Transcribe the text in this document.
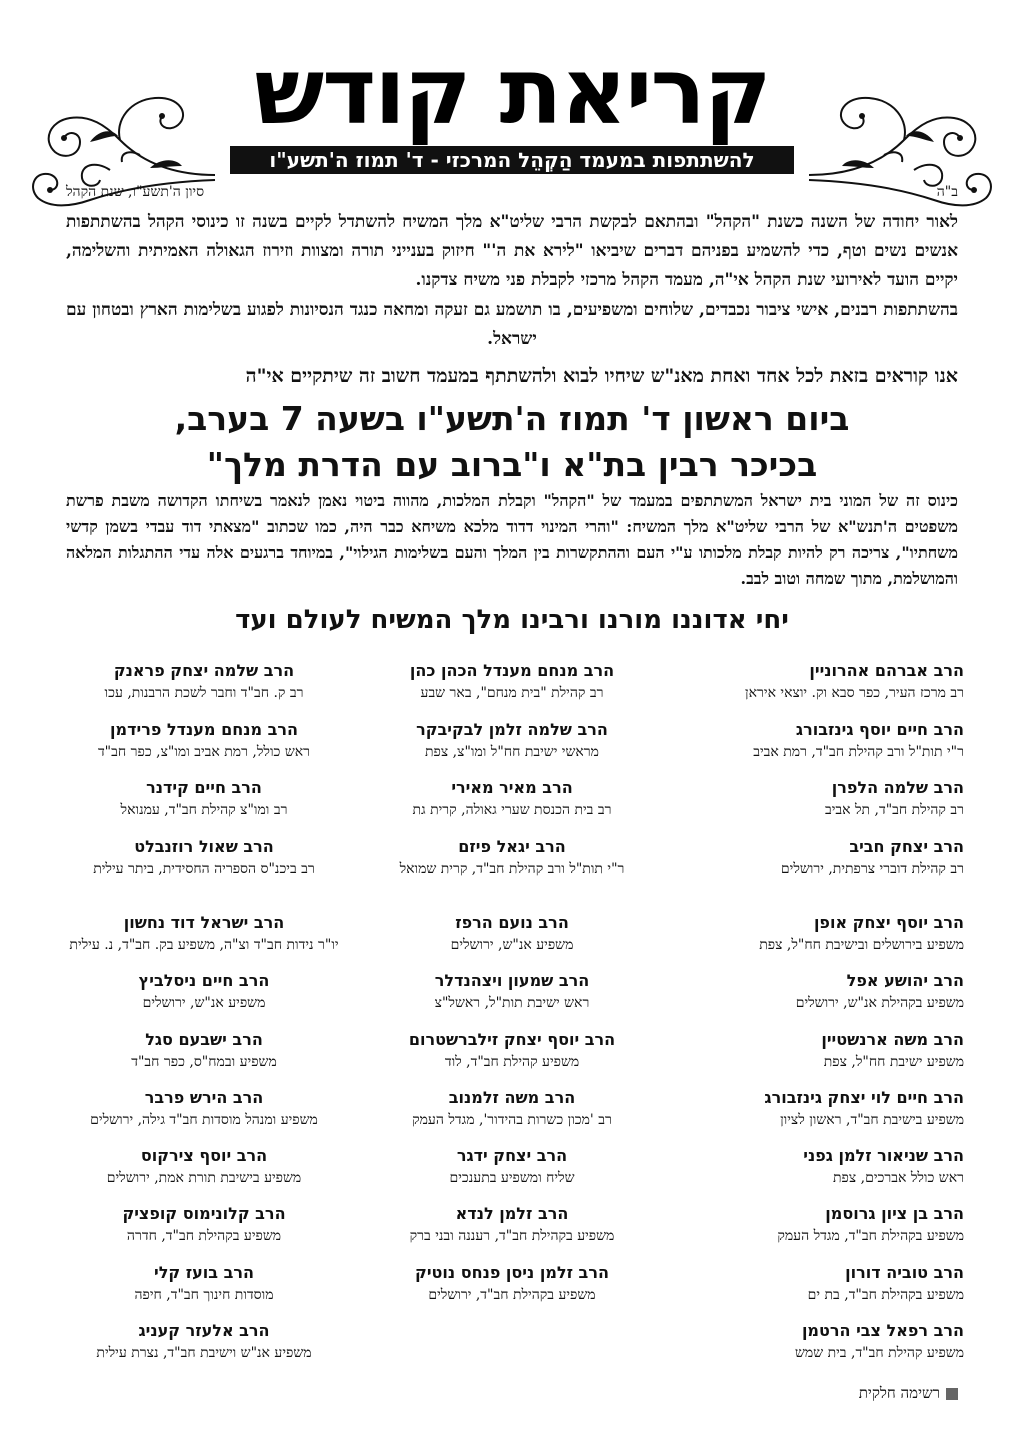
קריאת קודש
להשתתפות במעמד הַקְהֵל המרכזי - ד' תמוז ה'תשע"ו
ב"ה
סיון ה'תשע"ו, שנת הקהל
לאור יחודה של השנה כשנת "הקהל" ובהתאם לבקשת הרבי שליט"א מלך המשיח להשתדל לקיים בשנה זו כינוסי הקהל בהשתתפות אנשים נשים וטף, כדי להשמיע בפניהם דברים שיביאו "לירא את ה'" חיזוק בענייני תורה ומצוות וזירוז הגאולה האמיתית והשלימה, יקיים הועד לאירועי שנת הקהל אי"ה, מעמד הקהל מרכזי לקבלת פני משיח צדקנו.
בהשתתפות רבנים, אישי ציבור נכבדים, שלוחים ומשפיעים, בו תושמע גם זעקה ומחאה כנגד הנסיונות לפגוע בשלימות הארץ ובטחון עם ישראל.
אנו קוראים בזאת לכל אחד ואחת מאנ"ש שיחיו לבוא ולהשתתף במעמד חשוב זה שיתקיים אי"ה
ביום ראשון ד' תמוז ה'תשע"ו בשעה 7 בערב,
בכיכר רבין בת"א ו"ברוב עם הדרת מלך"
כינוס זה של המוני בית ישראל המשתתפים במעמד של "הקהל" וקבלת המלכות, מהווה ביטוי נאמן לנאמר בשיחתו הקדושה משבת פרשת משפטים ה'תנש"א של הרבי שליט"א מלך המשיח: "והרי המינוי דדוד מלכא משיחא כבר היה, כמו שכתוב "מצאתי דוד עבדי בשמן קדשי משחתיו", צריכה רק להיות קבלת מלכותו ע"י העם וההתקשרות בין המלך והעם בשלימות הגילוי", במיוחד ברגעים אלה עדי ההתגלות המלאה והמושלמת, מתוך שמחה וטוב לבב.
יחי אדוננו מורנו ורבינו מלך המשיח לעולם ועד
הרב אברהם אהרוניין
רב מרכז העיר, כפר סבא וק. יוצאי איראן
הרב מנחם מענדל הכהן כהן
רב קהילת "בית מנחם", באר שבע
הרב שלמה יצחק פראנק
רב ק. חב"ד וחבר לשכת הרבנות, עכו
הרב חיים יוסף גינזבורג
ר"י תות"ל ורב קהילת חב"ד, רמת אביב
הרב שלמה זלמן לבקיבקר
מראשי ישיבת חח"ל ומו"צ, צפת
הרב מנחם מענדל פרידמן
ראש כולל, רמת אביב ומו"צ, כפר חב"ד
הרב שלמה הלפרן
רב קהילת חב"ד, תל אביב
הרב מאיר מאירי
רב בית הכנסת שערי גאולה, קרית גת
הרב חיים קידנר
רב ומו"צ קהילת חב"ד, עמנואל
הרב יצחק חביב
רב קהילת דוברי צרפתית, ירושלים
הרב יגאל פיזם
ר"י תות"ל ורב קהילת חב"ד, קרית שמואל
הרב שאול רוזנבלט
רב ביכנ"ס הספריה החסידית, ביתר עילית
הרב יוסף יצחק אופן
משפיע בירושלים ובישיבת חח"ל, צפת
הרב נועם הרפז
משפיע אנ"ש, ירושלים
הרב ישראל דוד נחשון
יו"ר נידות חב"ד וצ"ה, משפיע בק. חב"ד, נ. עילית
הרב יהושע אפל
משפיע בקהילת אנ"ש, ירושלים
הרב שמעון ויצהנדלר
ראש ישיבת תות"ל, ראשל"צ
הרב חיים ניסלביץ
משפיע אנ"ש, ירושלים
הרב משה ארנשטיין
משפיע ישיבת חח"ל, צפת
הרב יוסף יצחק זילברשטרום
משפיע קהילת חב"ד, לוד
הרב ישבעם סגל
משפיע ובמח"ס, כפר חב"ד
הרב חיים לוי יצחק גינזבורג
משפיע בישיבת חב"ד, ראשון לציון
הרב משה זלמנוב
רב 'מכון כשרות בהידור', מגדל העמק
הרב הירש פרבר
משפיע ומנהל מוסדות חב"ד גילה, ירושלים
הרב שניאור זלמן גפני
ראש כולל אברכים, צפת
הרב יצחק ידגר
שליח ומשפיע בתענכים
הרב יוסף צירקוס
משפיע בישיבת תורת אמת, ירושלים
הרב בן ציון גרוסמן
משפיע בקהילת חב"ד, מגדל העמק
הרב זלמן לנדא
משפיע בקהילת חב"ד, רעננה ובני ברק
הרב קלונימוס קופציק
משפיע בקהילת חב"ד, חדרה
הרב טוביה דורון
משפיע בקהילת חב"ד, בת ים
הרב זלמן ניסן פנחס נוטיק
משפיע בקהילת חב"ד, ירושלים
הרב בועז קלי
מוסדות חינוך חב"ד, חיפה
הרב רפאל צבי הרטמן
משפיע קהילת חב"ד, בית שמש
הרב אלעזר קעניג
משפיע אנ"ש וישיבת חב"ד, נצרת עילית
רשימה חלקית
